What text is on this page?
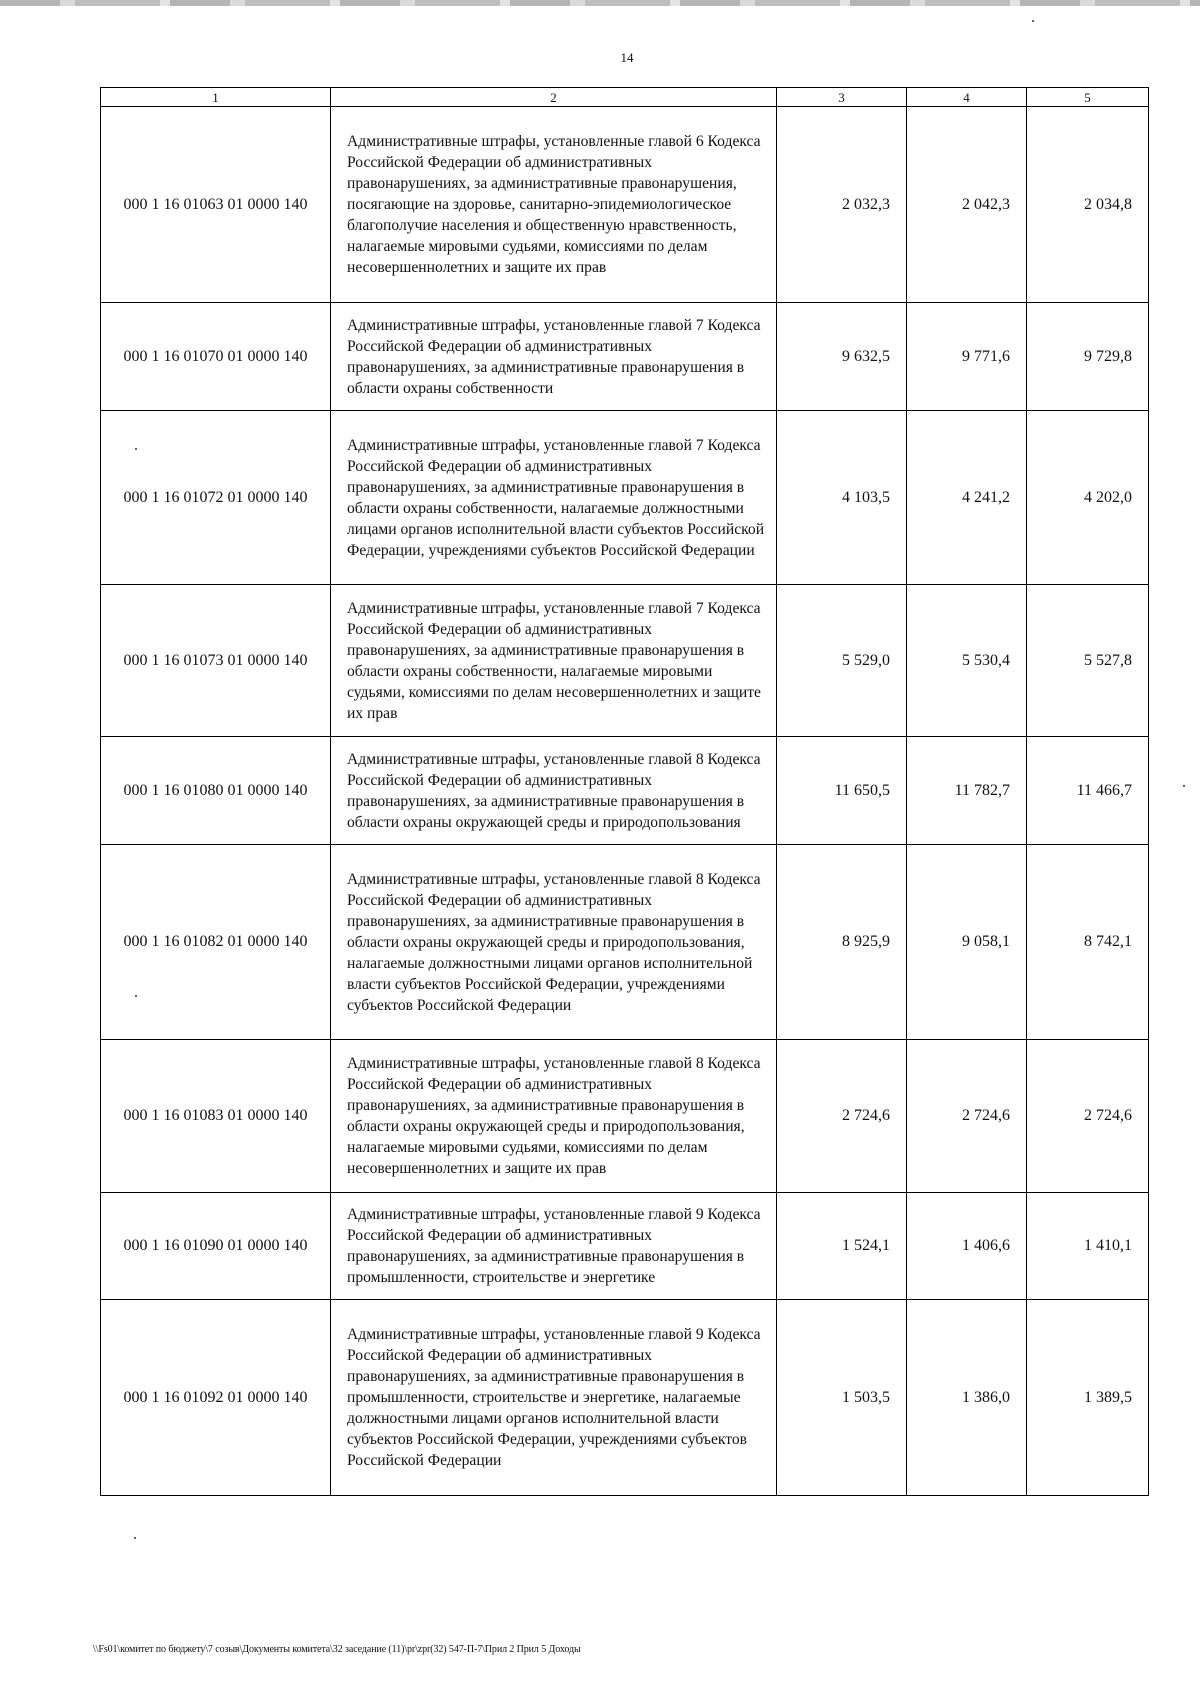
14
1	2	3	4	5
000 1 16 01063 01 0000 140	Административные штрафы, установленные главой 6 Кодекса Российской Федерации об административных правонарушениях, за административные правонарушения, посягающие на здоровье, санитарно-эпидемиологическое благополучие населения и общественную нравственность, налагаемые мировыми судьями, комиссиями по делам несовершеннолетних и защите их прав	2 032,3	2 042,3	2 034,8
000 1 16 01070 01 0000 140	Административные штрафы, установленные главой 7 Кодекса Российской Федерации об административных правонарушениях, за административные правонарушения в области охраны собственности	9 632,5	9 771,6	9 729,8
000 1 16 01072 01 0000 140	Административные штрафы, установленные главой 7 Кодекса Российской Федерации об административных правонарушениях, за административные правонарушения в области охраны собственности, налагаемые должностными лицами органов исполнительной власти субъектов Российской Федерации, учреждениями субъектов Российской Федерации	4 103,5	4 241,2	4 202,0
000 1 16 01073 01 0000 140	Административные штрафы, установленные главой 7 Кодекса Российской Федерации об административных правонарушениях, за административные правонарушения в области охраны собственности, налагаемые мировыми судьями, комиссиями по делам несовершеннолетних и защите их прав	5 529,0	5 530,4	5 527,8
000 1 16 01080 01 0000 140	Административные штрафы, установленные главой 8 Кодекса Российской Федерации об административных правонарушениях, за административные правонарушения в области охраны окружающей среды и природопользования	11 650,5	11 782,7	11 466,7
000 1 16 01082 01 0000 140	Административные штрафы, установленные главой 8 Кодекса Российской Федерации об административных правонарушениях, за административные правонарушения в области охраны окружающей среды и природопользования, налагаемые должностными лицами органов исполнительной власти субъектов Российской Федерации, учреждениями субъектов Российской Федерации	8 925,9	9 058,1	8 742,1
000 1 16 01083 01 0000 140	Административные штрафы, установленные главой 8 Кодекса Российской Федерации об административных правонарушениях, за административные правонарушения в области охраны окружающей среды и природопользования, налагаемые мировыми судьями, комиссиями по делам несовершеннолетних и защите их прав	2 724,6	2 724,6	2 724,6
000 1 16 01090 01 0000 140	Административные штрафы, установленные главой 9 Кодекса Российской Федерации об административных правонарушениях, за административные правонарушения в промышленности, строительстве и энергетике	1 524,1	1 406,6	1 410,1
000 1 16 01092 01 0000 140	Административные штрафы, установленные главой 9 Кодекса Российской Федерации об административных правонарушениях, за административные правонарушения в промышленности, строительстве и энергетике, налагаемые должностными лицами органов исполнительной власти субъектов Российской Федерации, учреждениями субъектов Российской Федерации	1 503,5	1 386,0	1 389,5
\\Fs01\комитет по бюджету\7 созыв\Документы комитета\32 заседание (11)\pr\zpr(32) 547-П-7\Прил 2 Прил 5 Доходы
